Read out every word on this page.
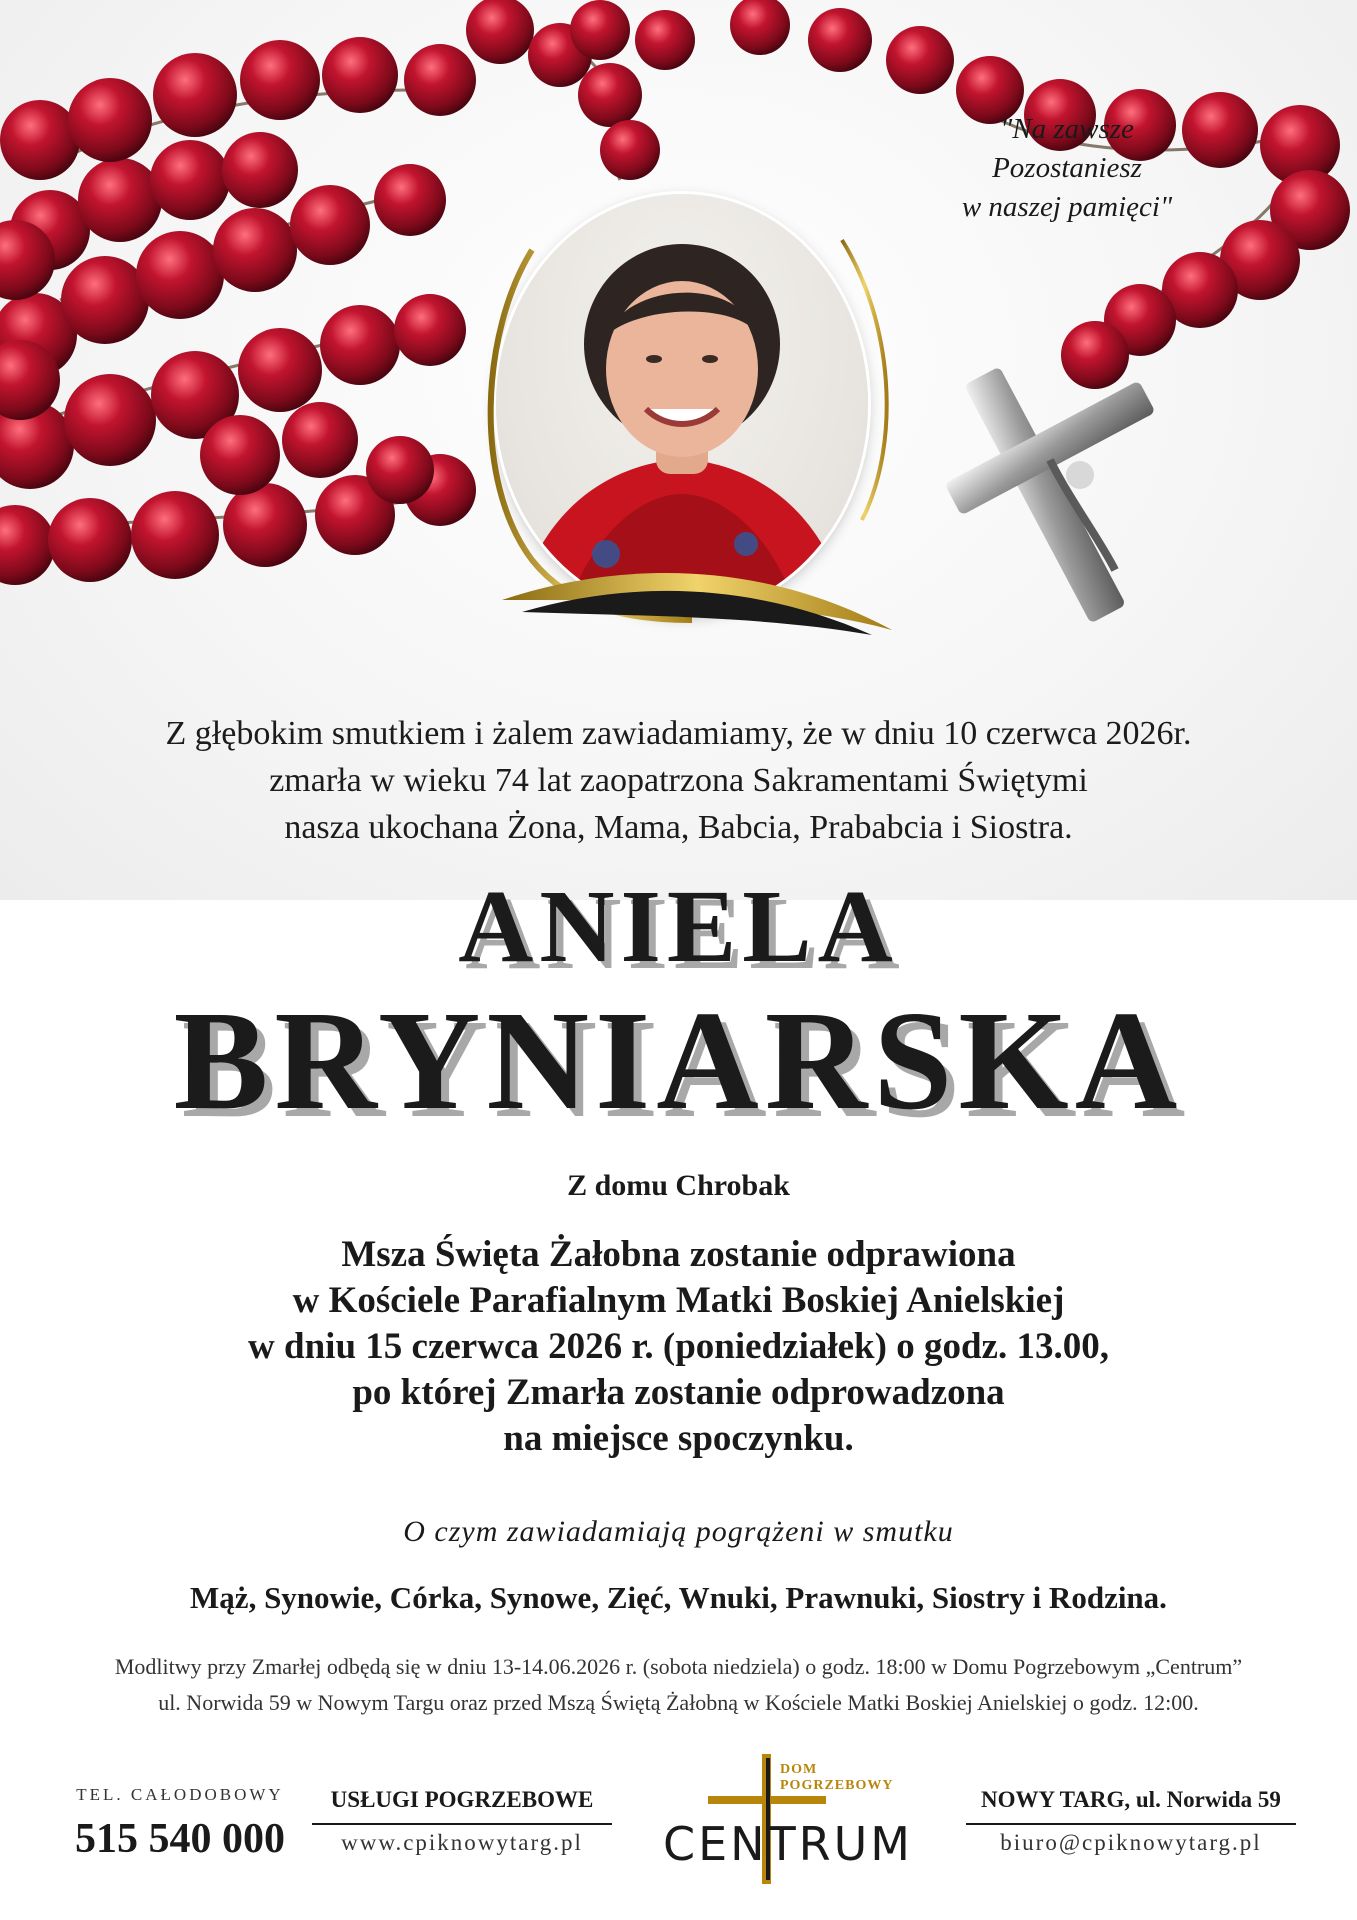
"Na zawsze
Pozostaniesz
w naszej pamięci"
Z głębokim smutkiem i żalem zawiadamiamy, że w dniu 10 czerwca 2026r.
zmarła w wieku 74 lat zaopatrzona Sakramentami Świętymi
nasza ukochana Żona, Mama, Babcia, Prababcia i Siostra.
ANIELA
BRYNIARSKA
Z domu Chrobak
Msza Święta Żałobna zostanie odprawiona
w Kościele Parafialnym Matki Boskiej Anielskiej
w dniu 15 czerwca 2026 r. (poniedziałek) o godz. 13.00,
po której Zmarła zostanie odprowadzona
na miejsce spoczynku.
O czym zawiadamiają pogrążeni w smutku
Mąż, Synowie, Córka, Synowe, Zięć, Wnuki, Prawnuki, Siostry i Rodzina.
Modlitwy przy Zmarłej odbędą się w dniu 13-14.06.2026 r. (sobota niedziela) o godz. 18:00 w Domu Pogrzebowym „Centrum”
ul. Norwida 59 w Nowym Targu oraz przed Mszą Świętą Żałobną w Kościele Matki Boskiej Anielskiej o godz. 12:00.
TEL. CAŁODOBOWY
515 540 000
USŁUGI POGRZEBOWE
www.cpiknowytarg.pl
DOM
POGRZEBOWY
CENTRUM
NOWY TARG, ul. Norwida 59
biuro@cpiknowytarg.pl
